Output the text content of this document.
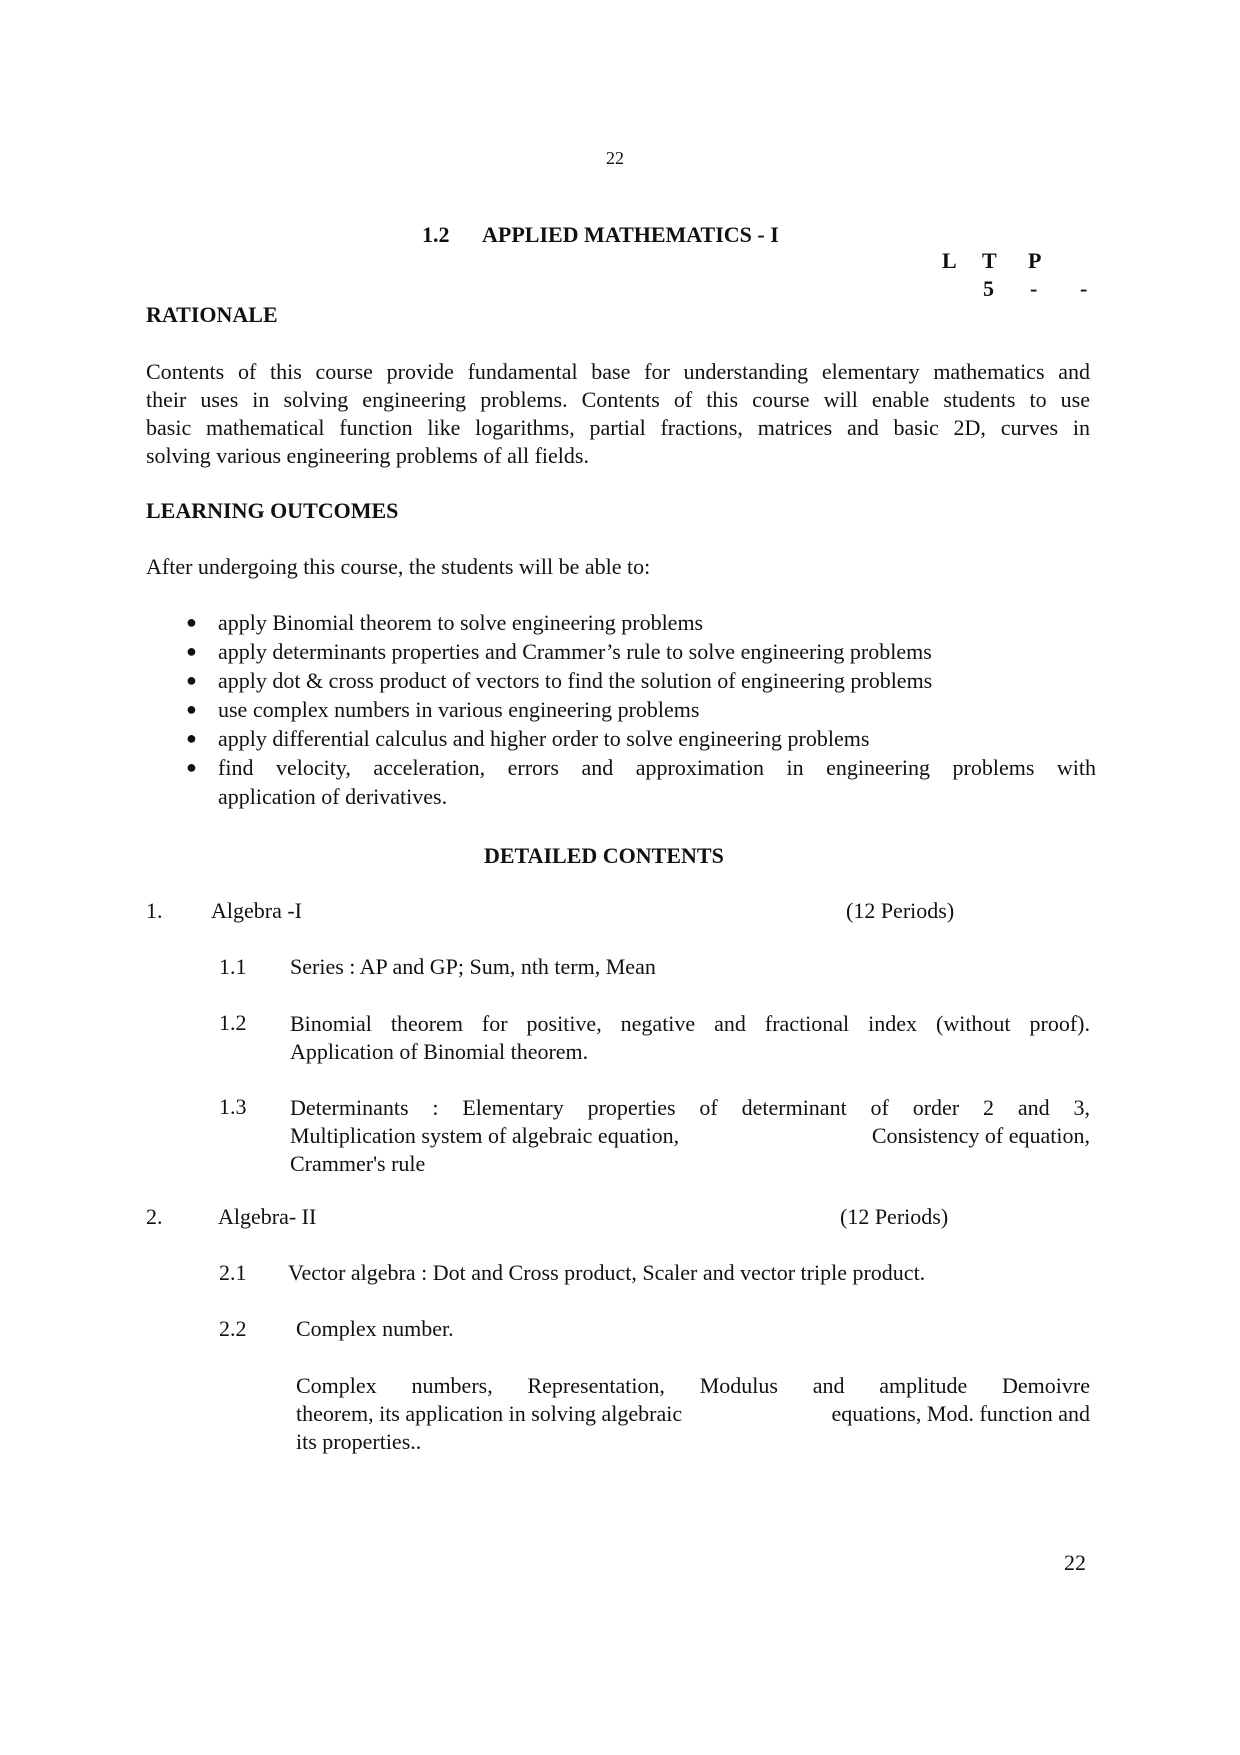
22
1.2 APPLIED MATHEMATICS - I
L T P
5 - -
RATIONALE
Contents of this course provide fundamental base for understanding elementary mathematics and
their uses in solving engineering problems. Contents of this course will enable students to use
basic mathematical function like logarithms, partial fractions, matrices and basic 2D, curves in
solving various engineering problems of all fields.
LEARNING OUTCOMES
After undergoing this course, the students will be able to:
● apply Binomial theorem to solve engineering problems
● apply determinants properties and Crammer’s rule to solve engineering problems
● apply dot & cross product of vectors to find the solution of engineering problems
● use complex numbers in various engineering problems
● apply differential calculus and higher order to solve engineering problems
● find velocity, acceleration, errors and approximation in engineering problems with
application of derivatives.
DETAILED CONTENTS
1. Algebra -I	(12 Periods)
1.1 Series : AP and GP; Sum, nth term, Mean
1.2 Binomial theorem for positive, negative and fractional index (without proof).
Application of Binomial theorem.
1.3 Determinants : Elementary properties of determinant of order 2 and 3,
Multiplication system of algebraic equation,	Consistency of equation,
Crammer's rule
2.	Algebra- II	(12 Periods)
2.1 Vector algebra : Dot and Cross product, Scaler and vector triple product.
2.2 Complex number.
Complex numbers, Representation, Modulus and amplitude Demoivre
theorem, its application in solving algebraic	equations, Mod. function and
its properties..
22
